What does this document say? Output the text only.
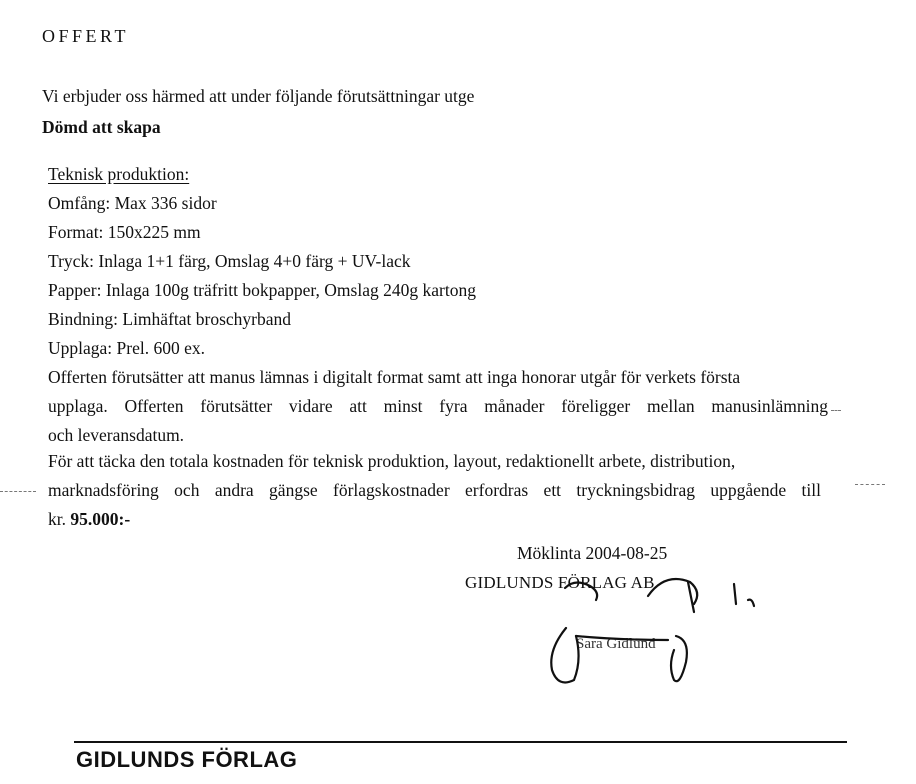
OFFERT
Vi erbjuder oss härmed att under följande förutsättningar utge
Dömd att skapa
Teknisk produktion:
Omfång: Max 336 sidor
Format: 150x225 mm
Tryck: Inlaga 1+1 färg, Omslag 4+0 färg + UV-lack
Papper: Inlaga 100g träfritt bokpapper, Omslag 240g kartong
Bindning: Limhäftat broschyrband
Upplaga: Prel. 600 ex.
Offerten förutsätter att manus lämnas i digitalt format samt att inga honorar utgår för verkets första
upplaga. Offerten förutsätter vidare att minst fyra månader föreligger mellan manusinlämning
och leveransdatum.
För att täcka den totala kostnaden för teknisk produktion, layout, redaktionellt arbete, distribution,
marknadsföring och andra gängse förlagskostnader erfordras ett tryckningsbidrag uppgående till
kr. 95.000:-
Möklinta 2004-08-25
GIDLUNDS FÖRLAG AB
Sara Gidlund
GIDLUNDS FÖRLAG
